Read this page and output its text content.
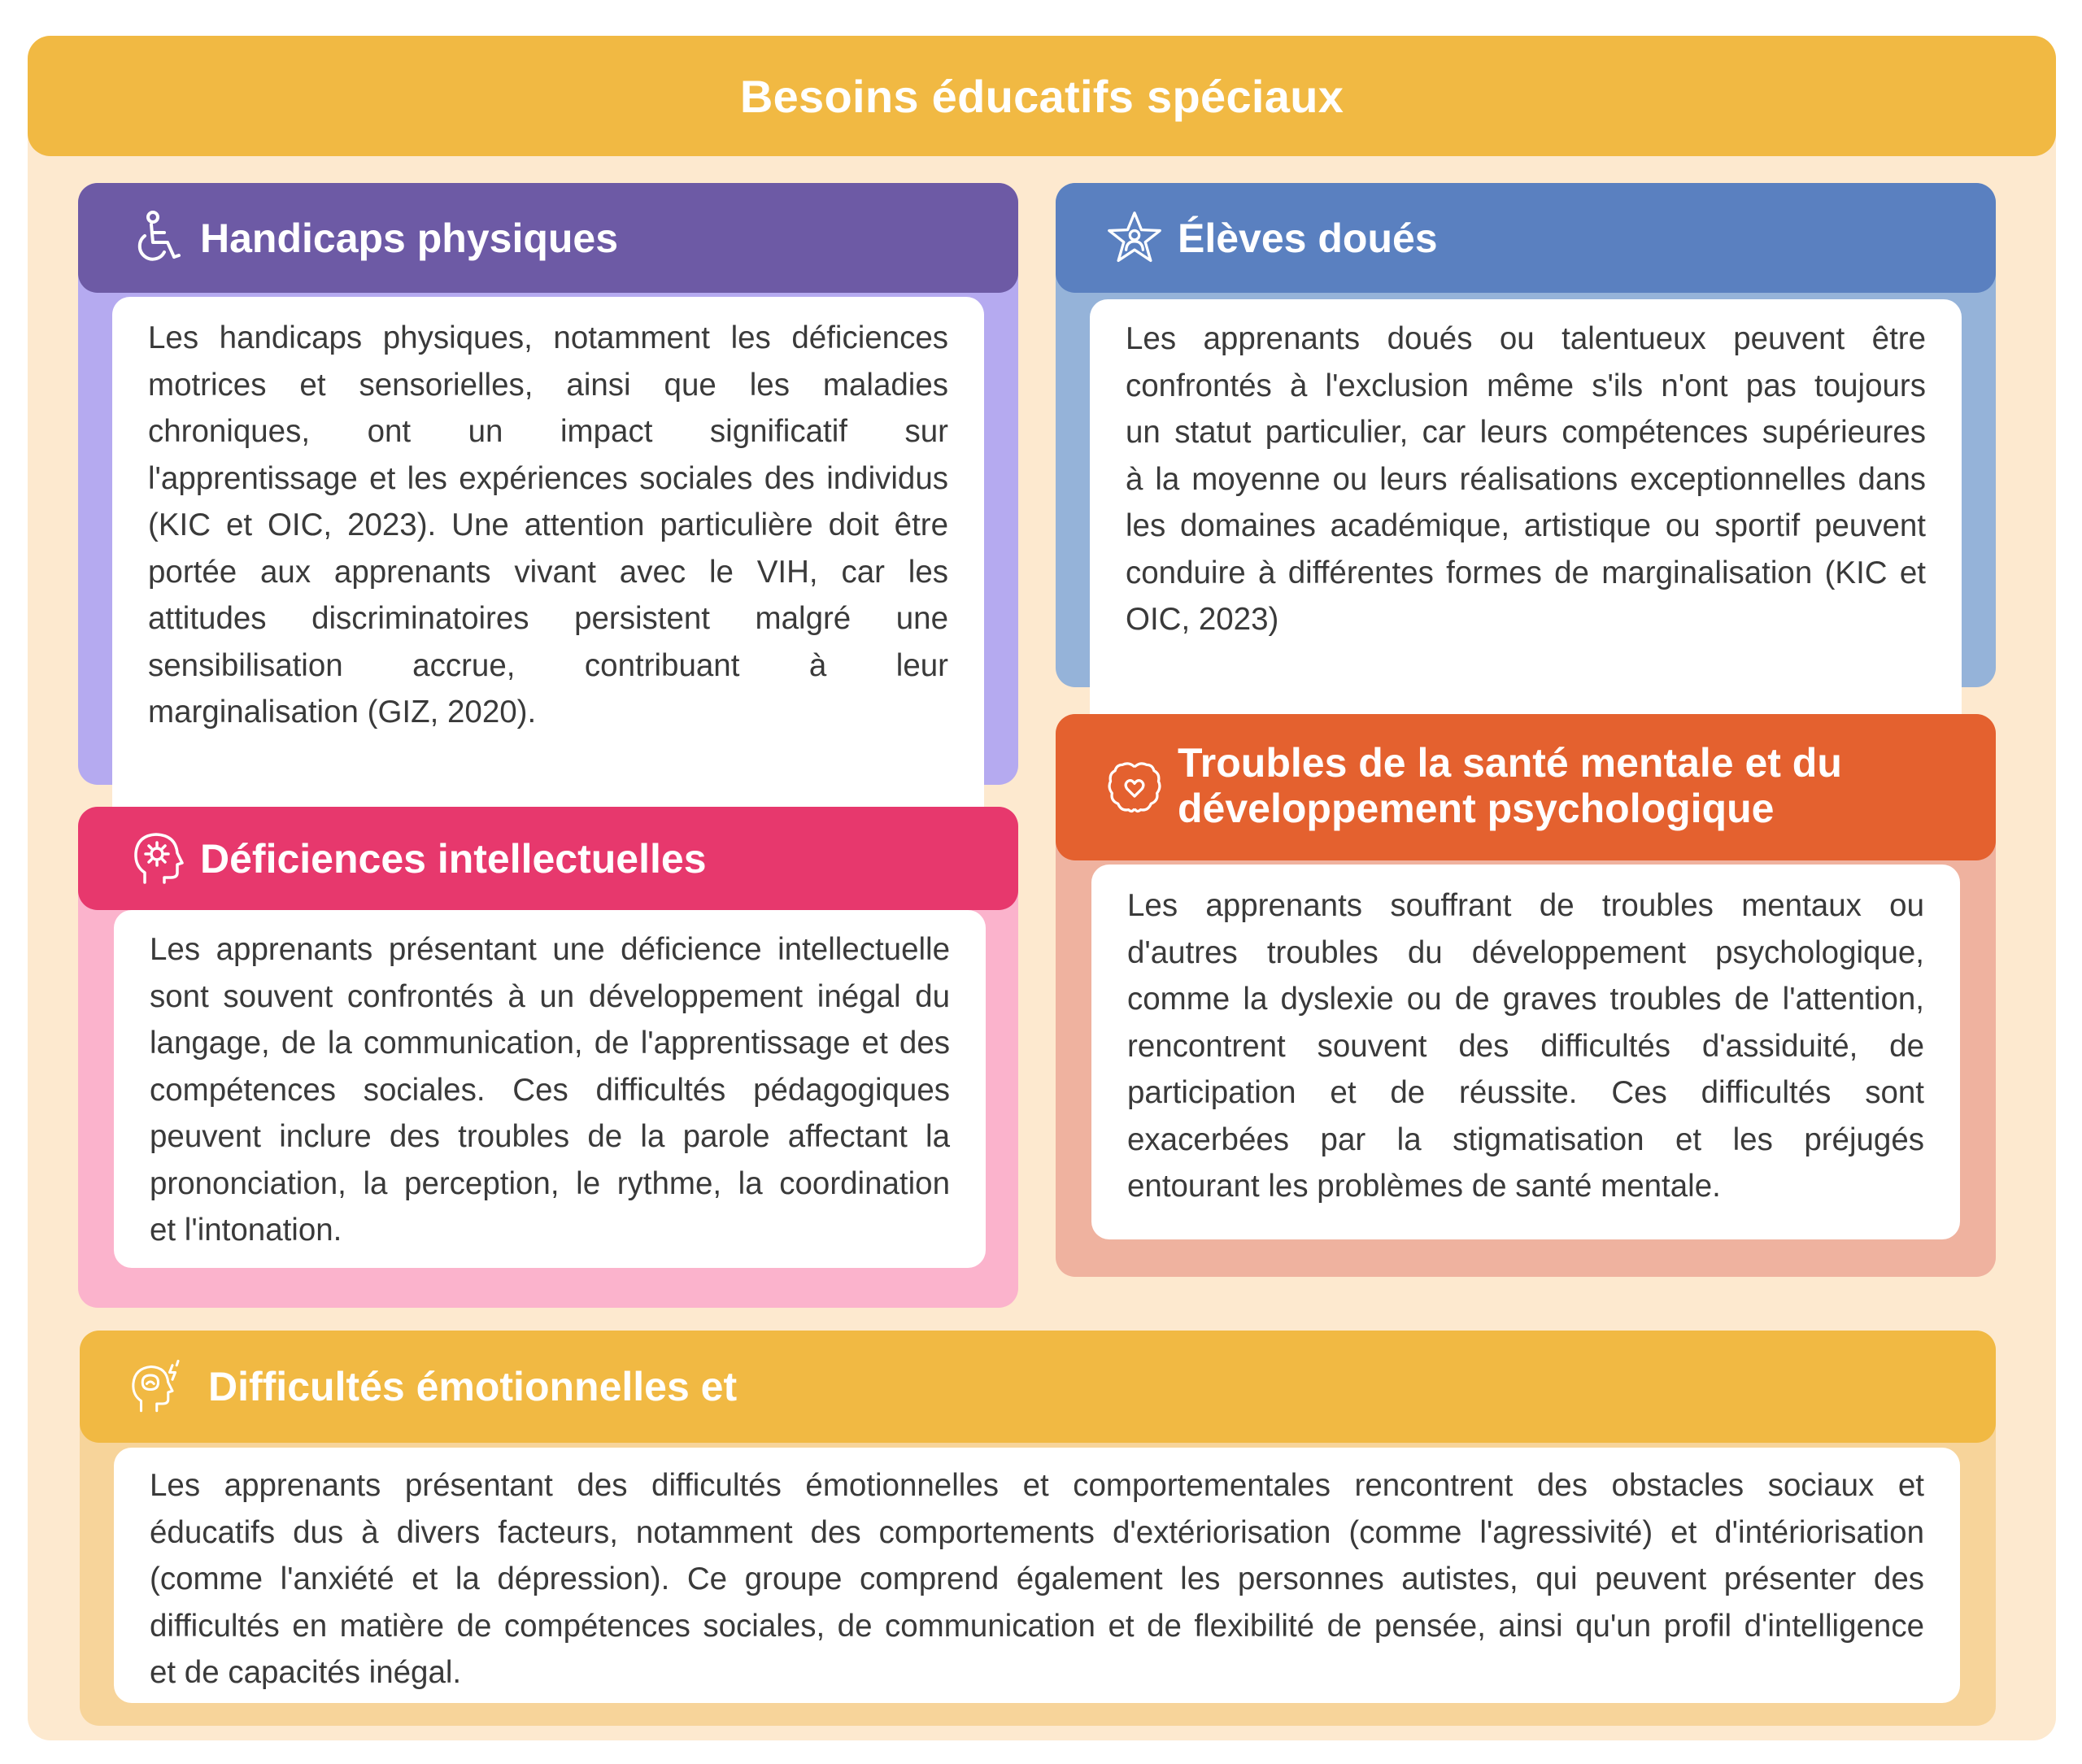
Besoins éducatifs spéciaux
Handicaps physiques

Les handicaps physiques, notamment les déficiences

motrices et sensorielles, ainsi que les maladies

chroniques, ont un impact significatif sur

l'apprentissage et les expériences sociales des individus

(KIC et OIC, 2023). Une attention particulière doit être

portée aux apprenants vivant avec le VIH, car les

attitudes discriminatoires persistent malgré une

sensibilisation accrue, contribuant à leur

marginalisation (GIZ, 2020).

Élèves doués

Les apprenants doués ou talentueux peuvent être

confrontés à l'exclusion même s'ils n'ont pas toujours

un statut particulier, car leurs compétences supérieures

à la moyenne ou leurs réalisations exceptionnelles dans

les domaines académique, artistique ou sportif peuvent

conduire à différentes formes de marginalisation (KIC et

OIC, 2023)

Déficiences intellectuelles

Les apprenants présentant une déficience intellectuelle

sont souvent confrontés à un développement inégal du

langage, de la communication, de l'apprentissage et des

compétences sociales. Ces difficultés pédagogiques

peuvent inclure des troubles de la parole affectant la

prononciation, la perception, le rythme, la coordination

et l'intonation.

Troubles de la santé mentale et du
développement psychologique

Les apprenants souffrant de troubles mentaux ou

d'autres troubles du développement psychologique,

comme la dyslexie ou de graves troubles de l'attention,

rencontrent souvent des difficultés d'assiduité, de

participation et de réussite. Ces difficultés sont

exacerbées par la stigmatisation et les préjugés

entourant les problèmes de santé mentale.

Difficultés émotionnelles et

Les apprenants présentant des difficultés émotionnelles et comportementales rencontrent des obstacles sociaux et

éducatifs dus à divers facteurs, notamment des comportements d'extériorisation (comme l'agressivité) et d'intériorisation

(comme l'anxiété et la dépression). Ce groupe comprend également les personnes autistes, qui peuvent présenter des

difficultés en matière de compétences sociales, de communication et de flexibilité de pensée, ainsi qu'un profil d'intelligence

et de capacités inégal.
